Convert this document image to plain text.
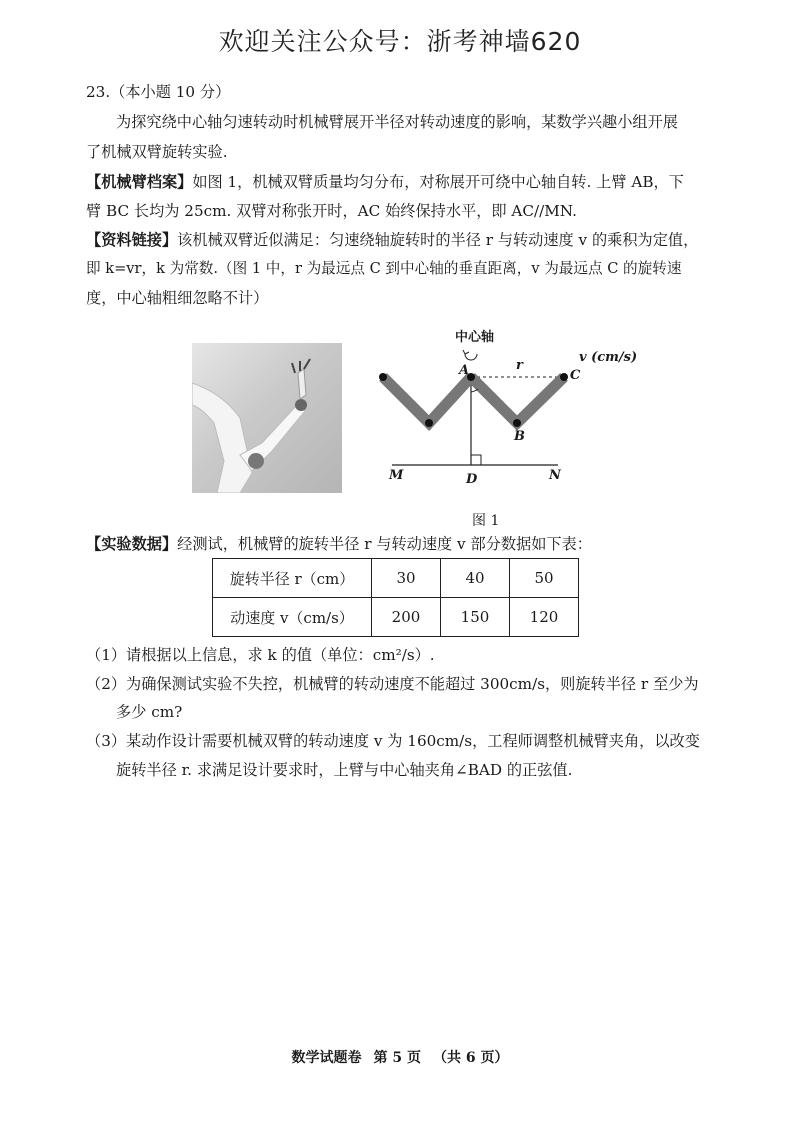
欢迎关注公众号：浙考神墙620
23.（本小题 10 分）
为探究绕中心轴匀速转动时机械臂展开半径对转动速度的影响，某数学兴趣小组开展
了机械双臂旋转实验.
【机械臂档案】如图 1，机械双臂质量均匀分布，对称展开可绕中心轴自转. 上臂 AB，下
臂 BC 长均为 25cm. 双臂对称张开时，AC 始终保持水平，即 AC//MN.
【资料链接】该机械双臂近似满足：匀速绕轴旋转时的半径 r 与转动速度 v 的乘积为定值，
即 k=vr，k 为常数.（图 1 中，r 为最远点 C 到中心轴的垂直距离，v 为最远点 C 的旋转速
度，中心轴粗细忽略不计）
中心轴
v (cm/s)
A	r
C
B
M	D	N
图 1
【实验数据】经测试，机械臂的旋转半径 r 与转动速度 v 部分数据如下表：
旋转半径 r（cm）	30	40	50
动速度 v（cm/s）	200	150	120
（1）请根据以上信息，求 k 的值（单位：cm²/s）.
（2）为确保测试实验不失控，机械臂的转动速度不能超过 300cm/s，则旋转半径 r 至少为
多少 cm?
（3）某动作设计需要机械双臂的转动速度 v 为 160cm/s，工程师调整机械臂夹角，以改变
旋转半径 r. 求满足设计要求时，上臂与中心轴夹角∠BAD 的正弦值.
数学试题卷 第 5 页 （共 6 页）
